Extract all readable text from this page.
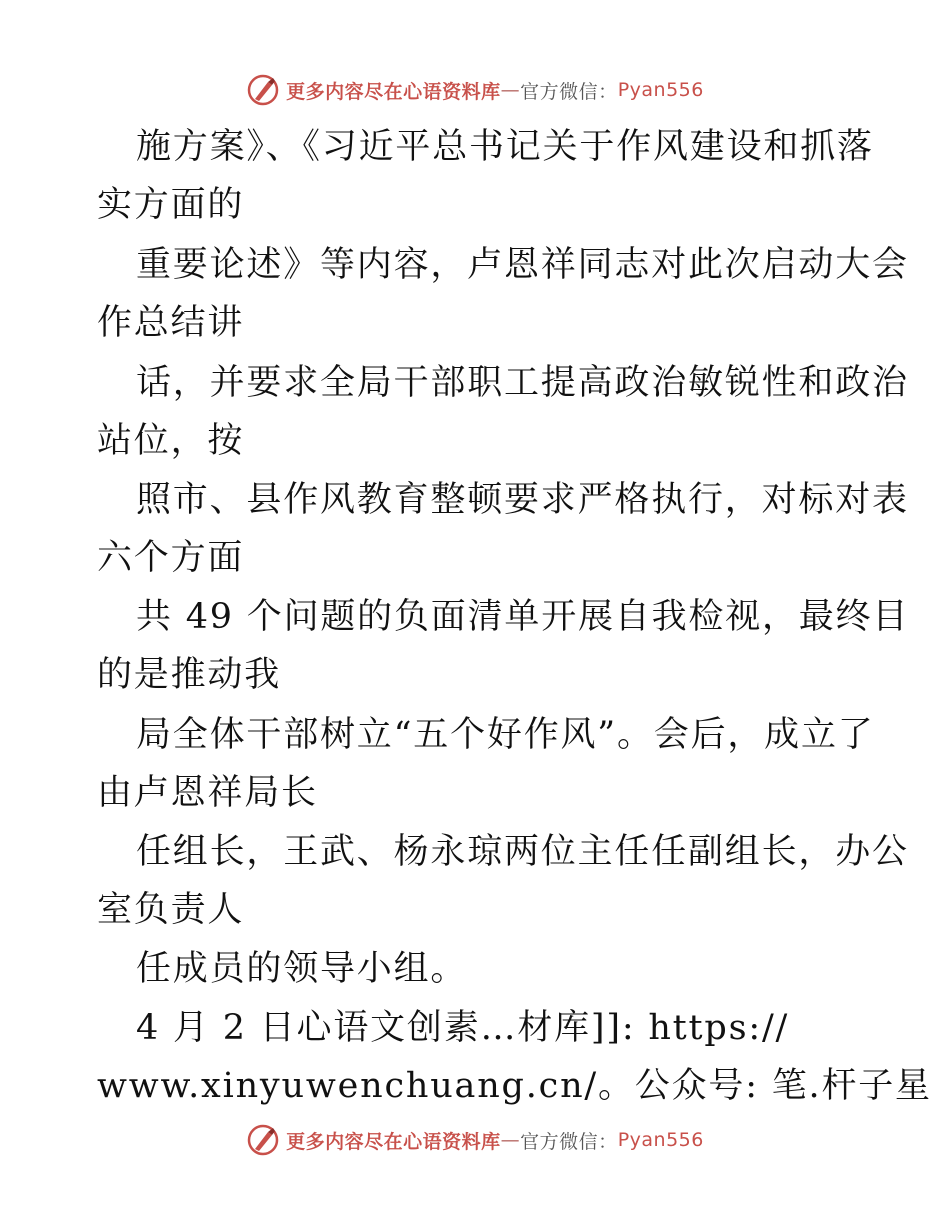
更多内容尽在心语资料库 — 官方微信： Pyan556
施方案》、《习近平总书记关于作风建设和抓落
实方面的
重要论述》等内容，卢恩祥同志对此次启动大会
作总结讲
话，并要求全局干部职工提高政治敏锐性和政治
站位，按
照市、县作风教育整顿要求严格执行，对标对表
六个方面
共 49 个问题的负面清单开展自我检视，最终目
的是推动我
局全体干部树立“五个好作风”。会后，成立了
由卢恩祥局长
任组长，王武、杨永琼两位主任任副组长，办公
室负责人
任成员的领导小组。
4 月 2 日心语文创素…材库]]: https://
www.xinyuwenchuang.cn/。公众号: 笔.杆子星
更多内容尽在心语资料库 — 官方微信： Pyan556
